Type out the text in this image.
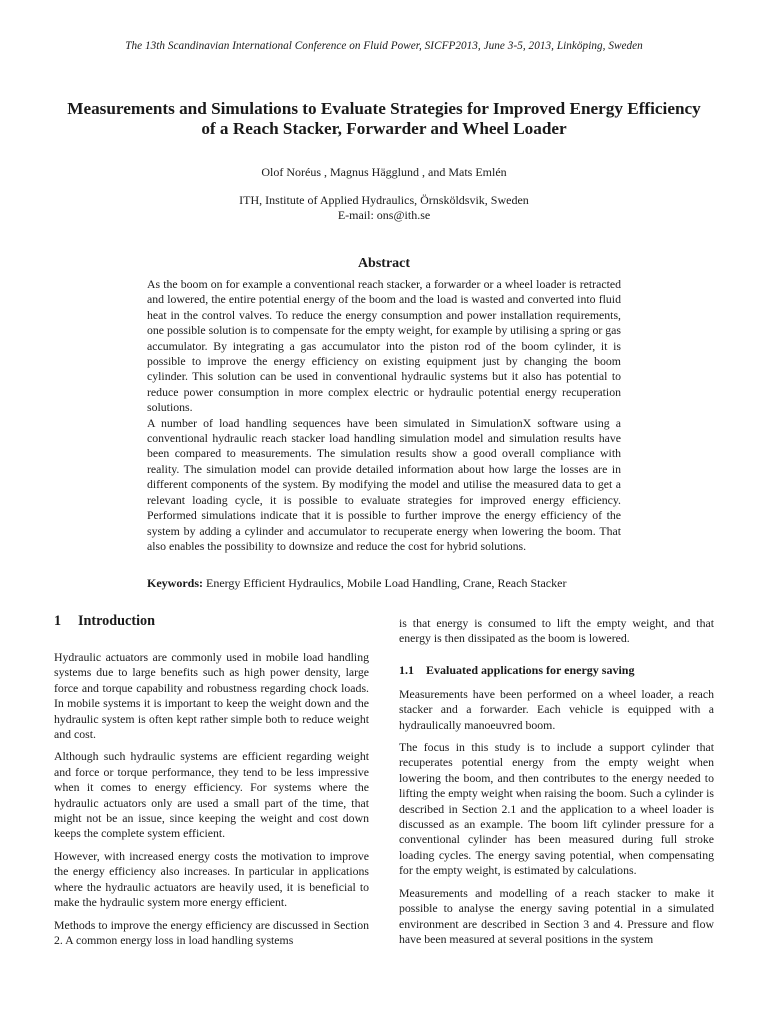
The 13th Scandinavian International Conference on Fluid Power, SICFP2013, June 3-5, 2013, Linköping, Sweden
Measurements and Simulations to Evaluate Strategies for Improved Energy Efficiency of a Reach Stacker, Forwarder and Wheel Loader
Olof Noréus , Magnus Hägglund , and Mats Emlén
ITH, Institute of Applied Hydraulics, Örnsköldsvik, Sweden
E-mail: ons@ith.se
Abstract

As the boom on for example a conventional reach stacker, a forwarder or a wheel loader is retracted and lowered, the entire potential energy of the boom and the load is wasted and converted into fluid heat in the control valves. To reduce the energy consumption and power installation requirements, one possible solution is to compensate for the empty weight, for example by utilising a spring or gas accumulator. By integrating a gas accumulator into the piston rod of the boom cylinder, it is possible to improve the energy efficiency on existing equipment just by changing the boom cylinder. This solution can be used in conventional hydraulic systems but it also has potential to reduce power consumption in more complex electric or hydraulic potential energy recuperation solutions.

A number of load handling sequences have been simulated in SimulationX software using a conventional hydraulic reach stacker load handling simulation model and simulation results have been compared to measurements. The simulation results show a good overall compliance with reality. The simulation model can provide detailed information about how large the losses are in different components of the system. By modifying the model and utilise the measured data to get a relevant loading cycle, it is possible to evaluate strategies for improved energy efficiency. Performed simulations indicate that it is possible to further improve the energy efficiency of the system by adding a cylinder and accumulator to recuperate energy when lowering the boom. That also enables the possibility to downsize and reduce the cost for hybrid solutions.

Keywords: Energy Efficient Hydraulics, Mobile Load Handling, Crane, Reach Stacker
1 Introduction

Hydraulic actuators are commonly used in mobile load handling systems due to large benefits such as high power density, large force and torque capability and robustness regarding chock loads. In mobile systems it is important to keep the weight down and the hydraulic system is often kept rather simple both to reduce weight and cost.

Although such hydraulic systems are efficient regarding weight and force or torque performance, they tend to be less impressive when it comes to energy efficiency. For systems where the hydraulic actuators only are used a small part of the time, that might not be an issue, since keeping the weight and cost down keeps the complete system efficient.

However, with increased energy costs the motivation to improve the energy efficiency also increases. In particular in applications where the hydraulic actuators are heavily used, it is beneficial to make the hydraulic system more energy efficient.

Methods to improve the energy efficiency are discussed in Section 2. A common energy loss in load handling systems

is that energy is consumed to lift the empty weight, and that energy is then dissipated as the boom is lowered.

1.1 Evaluated applications for energy saving

Measurements have been performed on a wheel loader, a reach stacker and a forwarder. Each vehicle is equipped with a hydraulically manoeuvred boom.

The focus in this study is to include a support cylinder that recuperates potential energy from the empty weight when lowering the boom, and then contributes to the energy needed to lifting the empty weight when raising the boom. Such a cylinder is described in Section 2.1 and the application to a wheel loader is discussed as an example. The boom lift cylinder pressure for a conventional cylinder has been measured during full stroke loading cycles. The energy saving potential, when compensating for the empty weight, is estimated by calculations.

Measurements and modelling of a reach stacker to make it possible to analyse the energy saving potential in a simulated environment are described in Section 3 and 4. Pressure and flow have been measured at several positions in the system
